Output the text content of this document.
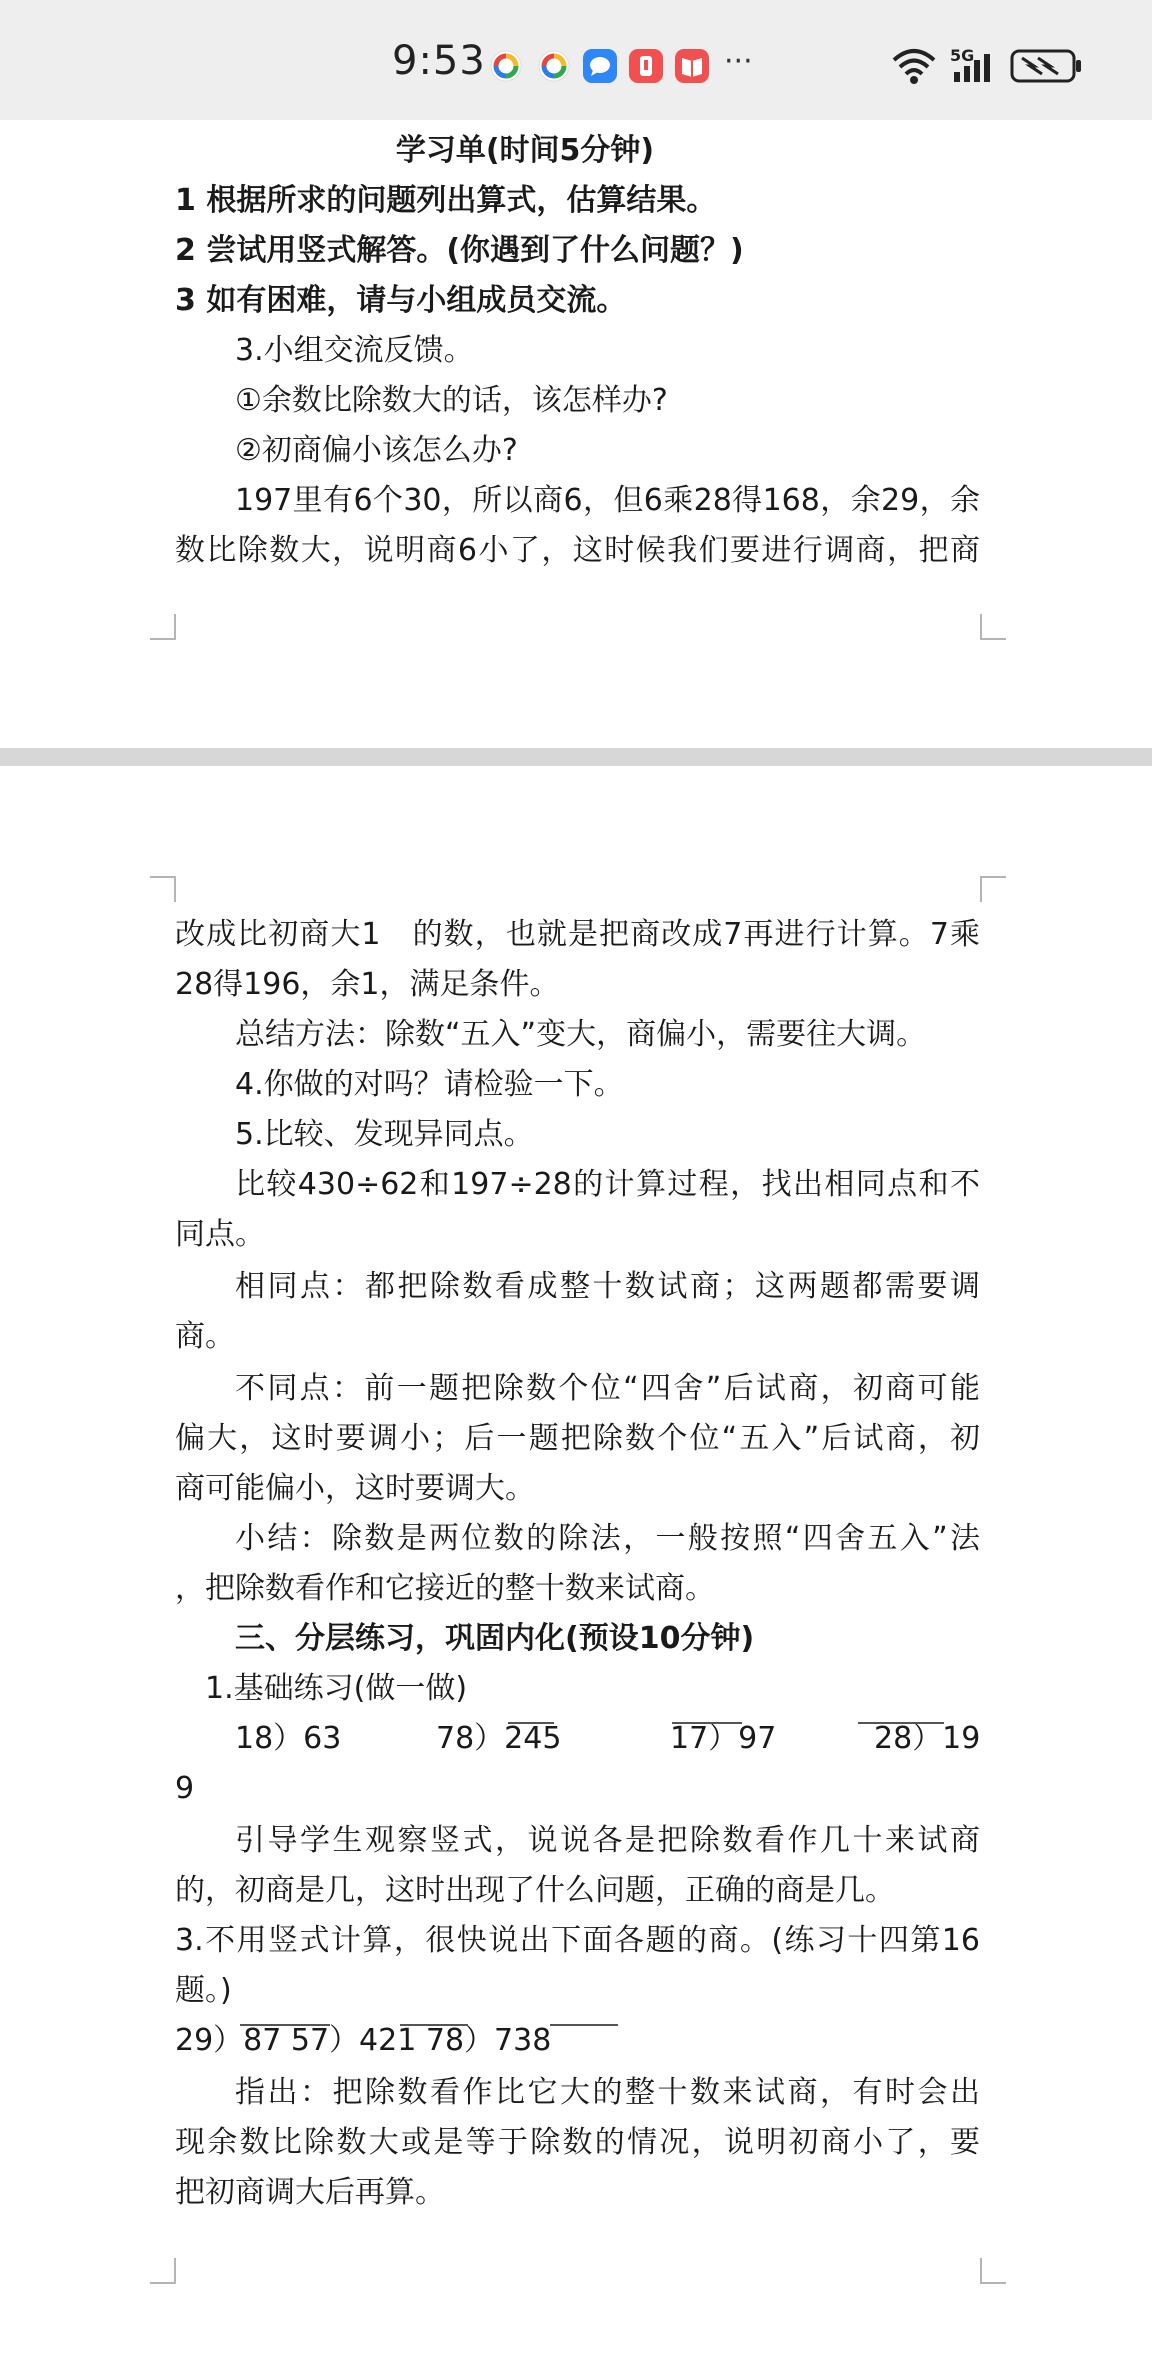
9:53	···	5G
学习单(时间5分钟)
1 根据所求的问题列出算式，估算结果。
2 尝试用竖式解答。(你遇到了什么问题？)
3 如有困难，请与小组成员交流。
3.小组交流反馈。
①余数比除数大的话，该怎样办?
②初商偏小该怎么办?
197里有6个30，所以商6，但6乘28得168，余29，余
数比除数大，说明商6小了，这时候我们要进行调商，把商
改成比初商大1　的数，也就是把商改成7再进行计算。7乘
28得196，余1，满足条件。
总结方法：除数“五入”变大，商偏小，需要往大调。
4.你做的对吗？请检验一下。
5.比较、发现异同点。
比较430÷62和197÷28的计算过程，找出相同点和不
同点。
相同点：都把除数看成整十数试商；这两题都需要调
商。
不同点：前一题把除数个位“四舍”后试商，初商可能
偏大，这时要调小；后一题把除数个位“五入”后试商，初
商可能偏小，这时要调大。
小结：除数是两位数的除法，一般按照“四舍五入”法
，把除数看作和它接近的整十数来试商。
三、分层练习，巩固内化(预设10分钟)
1.基础练习(做一做)
18）63	78）245	17）97	28）19
9
引导学生观察竖式，说说各是把除数看作几十来试商
的，初商是几，这时出现了什么问题，正确的商是几。
3.不用竖式计算，很快说出下面各题的商。(练习十四第16
题。)
29）87 57）421 78）738
指出：把除数看作比它大的整十数来试商，有时会出
现余数比除数大或是等于除数的情况，说明初商小了，要
把初商调大后再算。
